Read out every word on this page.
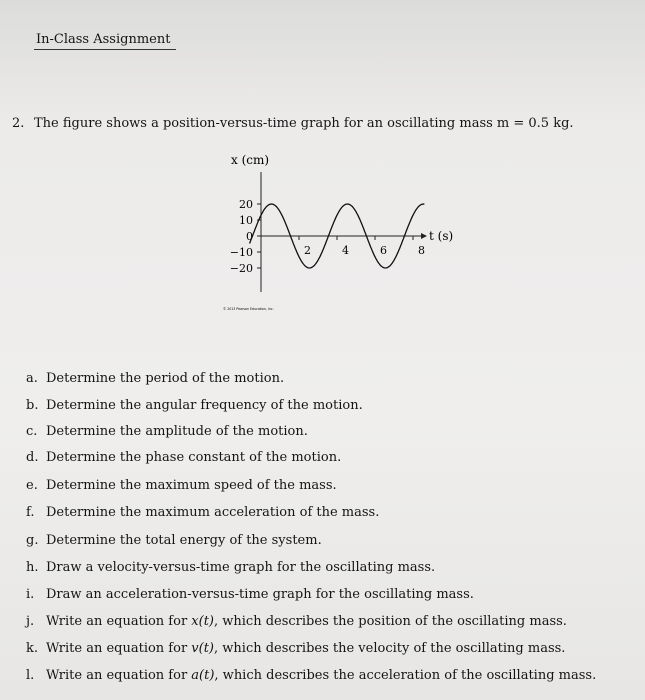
In-Class Assignment
2. The figure shows a position-versus-time graph for an oscillating mass m = 0.5 kg.
x (cm)
t (s)
20
10
0
−10
−20
2	4	6	8
© 2013 Pearson Education, Inc.
a. Determine the period of the motion.
b. Determine the angular frequency of the motion.
c. Determine the amplitude of the motion.
d. Determine the phase constant of the motion.
e. Determine the maximum speed of the mass.
f. Determine the maximum acceleration of the mass.
g. Determine the total energy of the system.
h. Draw a velocity-versus-time graph for the oscillating mass.
i. Draw an acceleration-versus-time graph for the oscillating mass.
j. Write an equation for x(t), which describes the position of the oscillating mass.
k. Write an equation for v(t), which describes the velocity of the oscillating mass.
l. Write an equation for a(t), which describes the acceleration of the oscillating mass.
